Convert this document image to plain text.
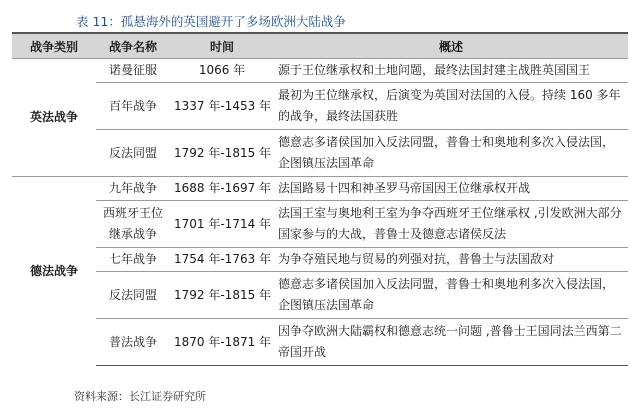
表 11：孤悬海外的英国避开了多场欧洲大陆战争
战争类别	战争名称	时间	概述
英法战争	诺曼征服	1066 年	源于王位继承权和土地问题，最终法国封建主战胜英国国王
	百年战争	1337 年-1453 年	最初为王位继承权，后演变为英国对法国的入侵。持续 160 多年的战争，最终法国获胜
	反法同盟	1792 年-1815 年	德意志多诸侯国加入反法同盟，普鲁士和奥地利多次入侵法国，企图镇压法国革命
德法战争	九年战争	1688 年-1697 年	法国路易十四和神圣罗马帝国因王位继承权开战
	西班牙王位继承战争	1701 年-1714 年	法国王室与奥地利王室为争夺西班牙王位继承权 ,引发欧洲大部分国家参与的大战，普鲁士及德意志诸侯反法
	七年战争	1754 年-1763 年	为争夺殖民地与贸易的列强对抗，普鲁士与法国敌对
	反法同盟	1792 年-1815 年	德意志多诸侯国加入反法同盟，普鲁士和奥地利多次入侵法国，企图镇压法国革命
	普法战争	1870 年-1871 年	因争夺欧洲大陆霸权和德意志统一问题 ,普鲁士王国同法兰西第二帝国开战
资料来源：长江证券研究所
